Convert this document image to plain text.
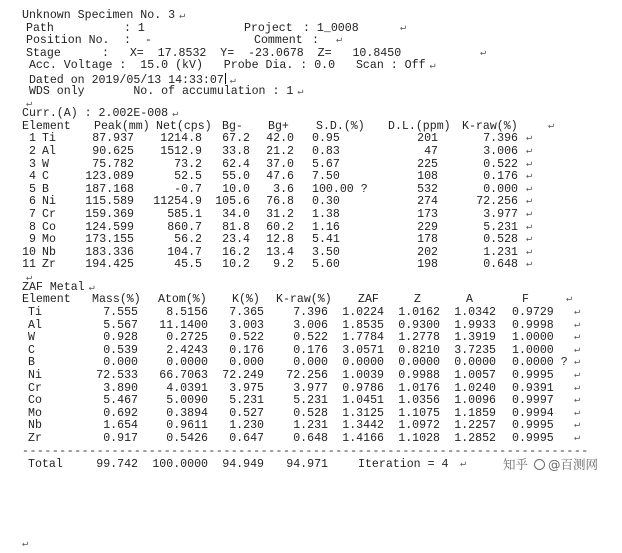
Unknown Specimen No. 3 ↵

Path

	: 1

	Project

: 1_0008

	↵

Position No.

:  -

	Comment

:

↵

Stage

	:   X=  17.8532  Y=  -23.0678  Z=   10.8450

	↵

Acc. Voltage :  15.0 (kV)   Probe Dia. : 0.0   Scan : Off ↵
Dated on 2019/05/13 14:33:07 ↵
WDS only       No. of accumulation : 1 ↵
↵
Curr.(A) : 2.002E-008 ↵
Element Peak(mm) Net(cps) Bg- Bg+ S.D.(%) D.L.(ppm) K-raw(%)	↵
1 Ti	87.937	1214.8	67.2	42.0 0.95	201	7.396 ↵
2 Al	90.625	1512.9	33.8	21.2 0.83	47	3.006 ↵
3 W	75.782	73.2	62.4	37.0 5.67	225	0.522 ↵
4 C	123.089	52.5	55.0	47.6 7.50	108	0.176 ↵
5 B	187.168	-0.7	10.0	3.6 100.00 ?	532	0.000 ↵
6 Ni	115.589	11254.9	105.6	76.8 0.30	274	72.256 ↵
7 Cr	159.369	585.1	34.0	31.2 1.38	173	3.977 ↵
8 Co	124.599	860.7	81.8	60.2 1.16	229	5.231 ↵
9 Mo	173.155	56.2	23.4	12.8 5.41	178	0.528 ↵
10 Nb	183.336	104.7	16.2	13.4 3.50	202	1.231 ↵
11 Zr	194.425	45.5	10.2	9.2 5.60	198	0.648 ↵
↵
ZAF Metal ↵
Element Mass(%) Atom(%) K(%) K-raw(%) ZAF	Z	A	F	↵
Ti	7.555	8.5156	7.365	7.396	1.0224	1.0162	1.0342 0.9729 ↵
Al	5.567	11.1400	3.003	3.006	1.8535	0.9300	1.9933 0.9998 ↵
W	0.928	0.2725	0.522	0.522	1.7784	1.2778	1.3919 1.0000 ↵
C	0.539	2.4243	0.176	0.176	3.0571	0.8210	3.7235 1.0000 ↵
B	0.000	0.0000	0.000	0.000	0.0000	0.0000	0.0000 0.0000 ? ↵
Ni	72.533	66.7063	72.249	72.256	1.0039	0.9988	1.0057 0.9995 ↵
Cr	3.890	4.0391	3.975	3.977	0.9786	1.0176	1.0240 0.9391 ↵
Co	5.467	5.0090	5.231	5.231	1.0451	1.0356	1.0096 0.9997 ↵
Mo	0.692	0.3894	0.527	0.528	1.3125	1.1075	1.1859 0.9994 ↵
Nb	1.654	0.9611	1.230	1.231	1.3442	1.0972	1.2257 0.9995 ↵
Zr	0.917	0.5426	0.647	0.648	1.4166	1.1028	1.2852 0.9995 ↵
----------------------------------------------------------------------------
Total	99.742	100.0000	94.949	94.971	Iteration = 4 ↵	知乎 @百测网
↵
